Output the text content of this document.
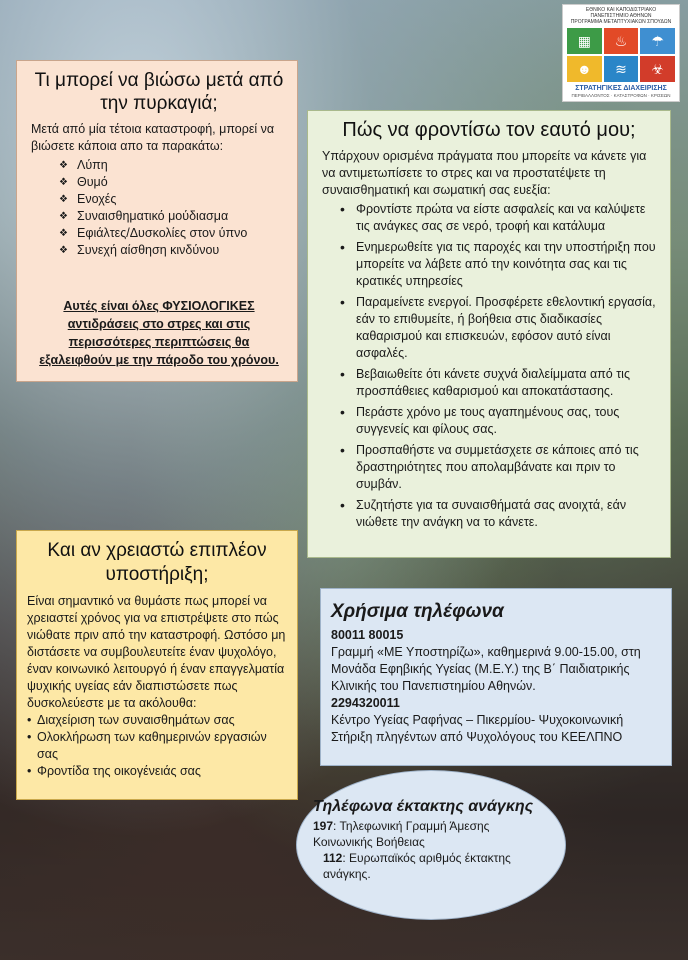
ΕΘΝΙΚΟ ΚΑΙ ΚΑΠΟΔΙΣΤΡΙΑΚΟ ΠΑΝΕΠΙΣΤΗΜΙΟ ΑΘΗΝΩΝ
ΠΡΟΓΡΑΜΜΑ ΜΕΤΑΠΤΥΧΙΑΚΩΝ ΣΠΟΥΔΩΝ
▦	♨	☂
☻	≋	☣
ΣΤΡΑΤΗΓΙΚΕΣ ΔΙΑΧΕΙΡΙΣΗΣ
ΠΕΡΙΒΑΛΛΟΝΤΟΣ · ΚΑΤΑΣΤΡΟΦΩΝ · ΚΡΙΣΕΩΝ
Τι μπορεί να βιώσω μετά από την πυρκαγιά;

Μετά από μία τέτοια καταστροφή, μπορεί να βιώσετε κάποια απο τα παρακάτω:

❖ Λύπη
❖ Θυμό
❖ Ενοχές
❖ Συναισθηματικό μούδιασμα
❖ Εφιάλτες/Δυσκολίες στον ύπνο
❖ Συνεχή αίσθηση κινδύνου

Αυτές είναι όλες ΦΥΣΙΟΛΟΓΙΚΕΣ αντιδράσεις στο στρες και στις περισσότερες περιπτώσεις θα εξαλειφθούν με την πάροδο του χρόνου.

Πώς να φροντίσω τον εαυτό μου;

Υπάρχουν ορισμένα πράγματα που μπορείτε να κάνετε για να αντιμετωπίσετε το στρες και να προστατέψετε τη συναισθηματική και σωματική σας ευεξία:

• Φροντίστε πρώτα να είστε ασφαλείς και να καλύψετε τις ανάγκες σας σε νερό, τροφή και κατάλυμα
• Ενημερωθείτε για τις παροχές και την υποστήριξη που μπορείτε να λάβετε από την κοινότητα σας και τις κρατικές υπηρεσίες
• Παραμείνετε ενεργοί. Προσφέρετε εθελοντική εργασία, εάν το επιθυμείτε, ή βοήθεια στις διαδικασίες καθαρισμού και επισκευών, εφόσον αυτό είναι ασφαλές.
• Βεβαιωθείτε ότι κάνετε συχνά διαλείμματα από τις προσπάθειες καθαρισμού και αποκατάστασης.
• Περάστε χρόνο με τους αγαπημένους σας, τους συγγενείς και φίλους σας.
• Προσπαθήστε να συμμετάσχετε σε κάποιες από τις δραστηριότητες που απολαμβάνατε και πριν το συμβάν.
• Συζητήστε για τα συναισθήματά σας ανοιχτά, εάν νιώθετε την ανάγκη να το κάνετε.
Και αν χρειαστώ επιπλέον υποστήριξη;

Είναι σημαντικό να θυμάστε πως μπορεί να χρειαστεί χρόνος για να επιστρέψετε στο πώς νιώθατε πριν από την καταστροφή. Ωστόσο μη διστάσετε να συμβουλευτείτε έναν ψυχολόγο, έναν κοινωνικό λειτουργό ή έναν επαγγελματία ψυχικής υγείας εάν διαπιστώσετε πως δυσκολεύεστε με τα ακόλουθα:

• Διαχείριση των συναισθημάτων σας
• Ολοκλήρωση των καθημερινών εργασιών σας
• Φροντίδα της οικογένειάς σας
Χρήσιμα τηλέφωνα
80011 80015
Γραμμή «ΜΕ Υποστηρίζω», καθημερινά 9.00-15.00, στη Μονάδα Εφηβικής Υγείας (Μ.Ε.Υ.) της Β΄ Παιδιατρικής Κλινικής του Πανεπιστημίου Αθηνών.
2294320011
Κέντρο Υγείας Ραφήνας – Πικερμίου- Ψυχοκοινωνική Στήριξη πληγέντων από Ψυχολόγους του ΚΕΕΛΠΝΟ
Τηλέφωνα έκτακτης ανάγκης
197: Τηλεφωνική Γραμμή Άμεσης Κοινωνικής Βοήθειας
112: Ευρωπαϊκός αριθμός έκτακτης ανάγκης.
